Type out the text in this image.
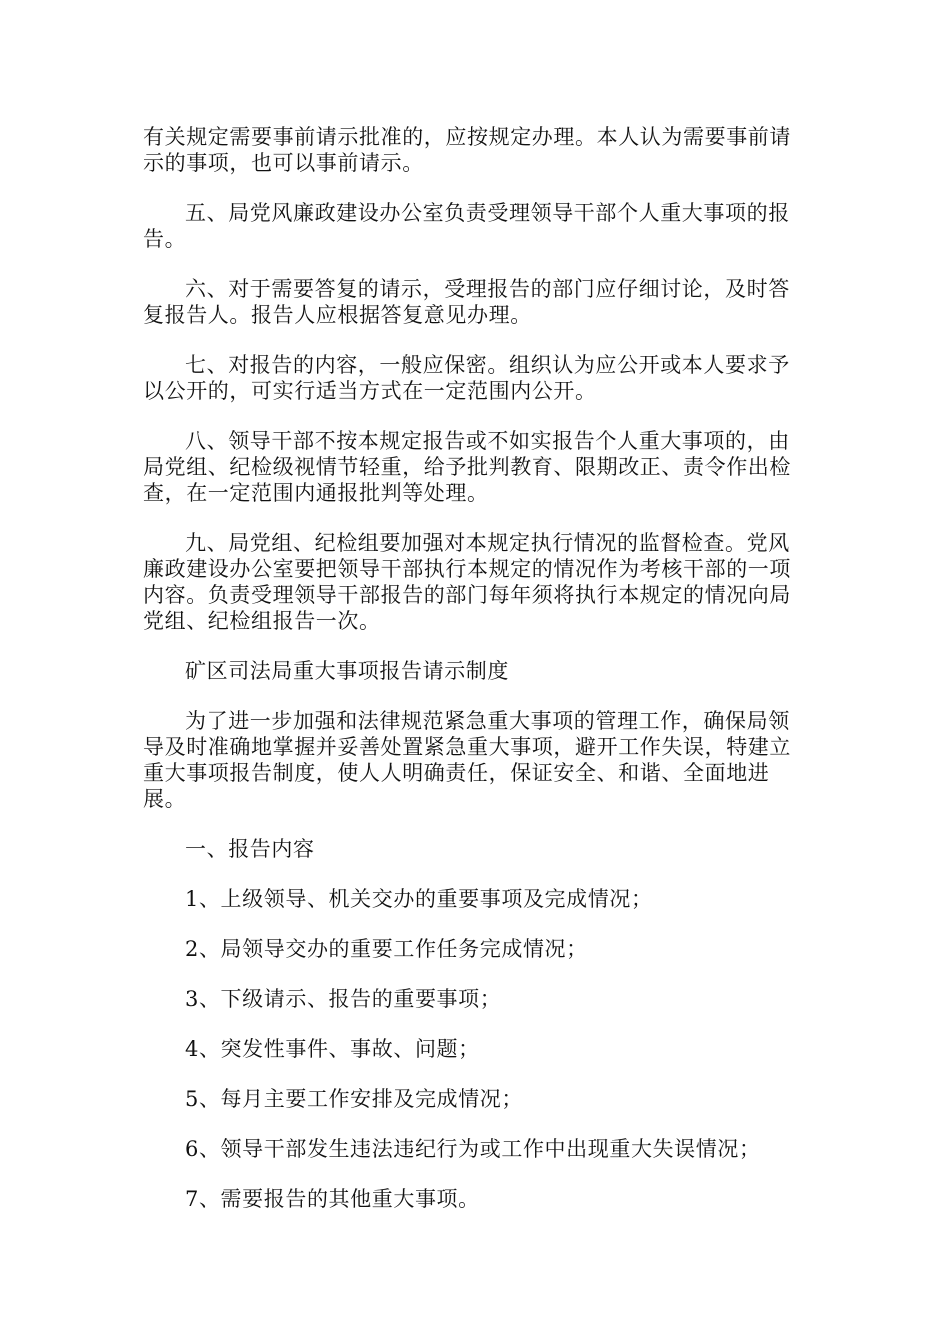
有关规定需要事前请示批准的，应按规定办理。本人认为需要事前请示的事项，也可以事前请示。

五、局党风廉政建设办公室负责受理领导干部个人重大事项的报告。

六、对于需要答复的请示，受理报告的部门应仔细讨论，及时答复报告人。报告人应根据答复意见办理。

七、对报告的内容，一般应保密。组织认为应公开或本人要求予以公开的，可实行适当方式在一定范围内公开。

八、领导干部不按本规定报告或不如实报告个人重大事项的，由局党组、纪检级视情节轻重，给予批判教育、限期改正、责令作出检查，在一定范围内通报批判等处理。

九、局党组、纪检组要加强对本规定执行情况的监督检查。党风廉政建设办公室要把领导干部执行本规定的情况作为考核干部的一项内容。负责受理领导干部报告的部门每年须将执行本规定的情况向局党组、纪检组报告一次。

矿区司法局重大事项报告请示制度

为了进一步加强和法律规范紧急重大事项的管理工作，确保局领导及时准确地掌握并妥善处置紧急重大事项，避开工作失误，特建立重大事项报告制度，使人人明确责任，保证安全、和谐、全面地进展。

一、报告内容

1、上级领导、机关交办的重要事项及完成情况；

2、局领导交办的重要工作任务完成情况；

3、下级请示、报告的重要事项；

4、突发性事件、事故、问题；

5、每月主要工作安排及完成情况；

6、领导干部发生违法违纪行为或工作中出现重大失误情况；

7、需要报告的其他重大事项。
